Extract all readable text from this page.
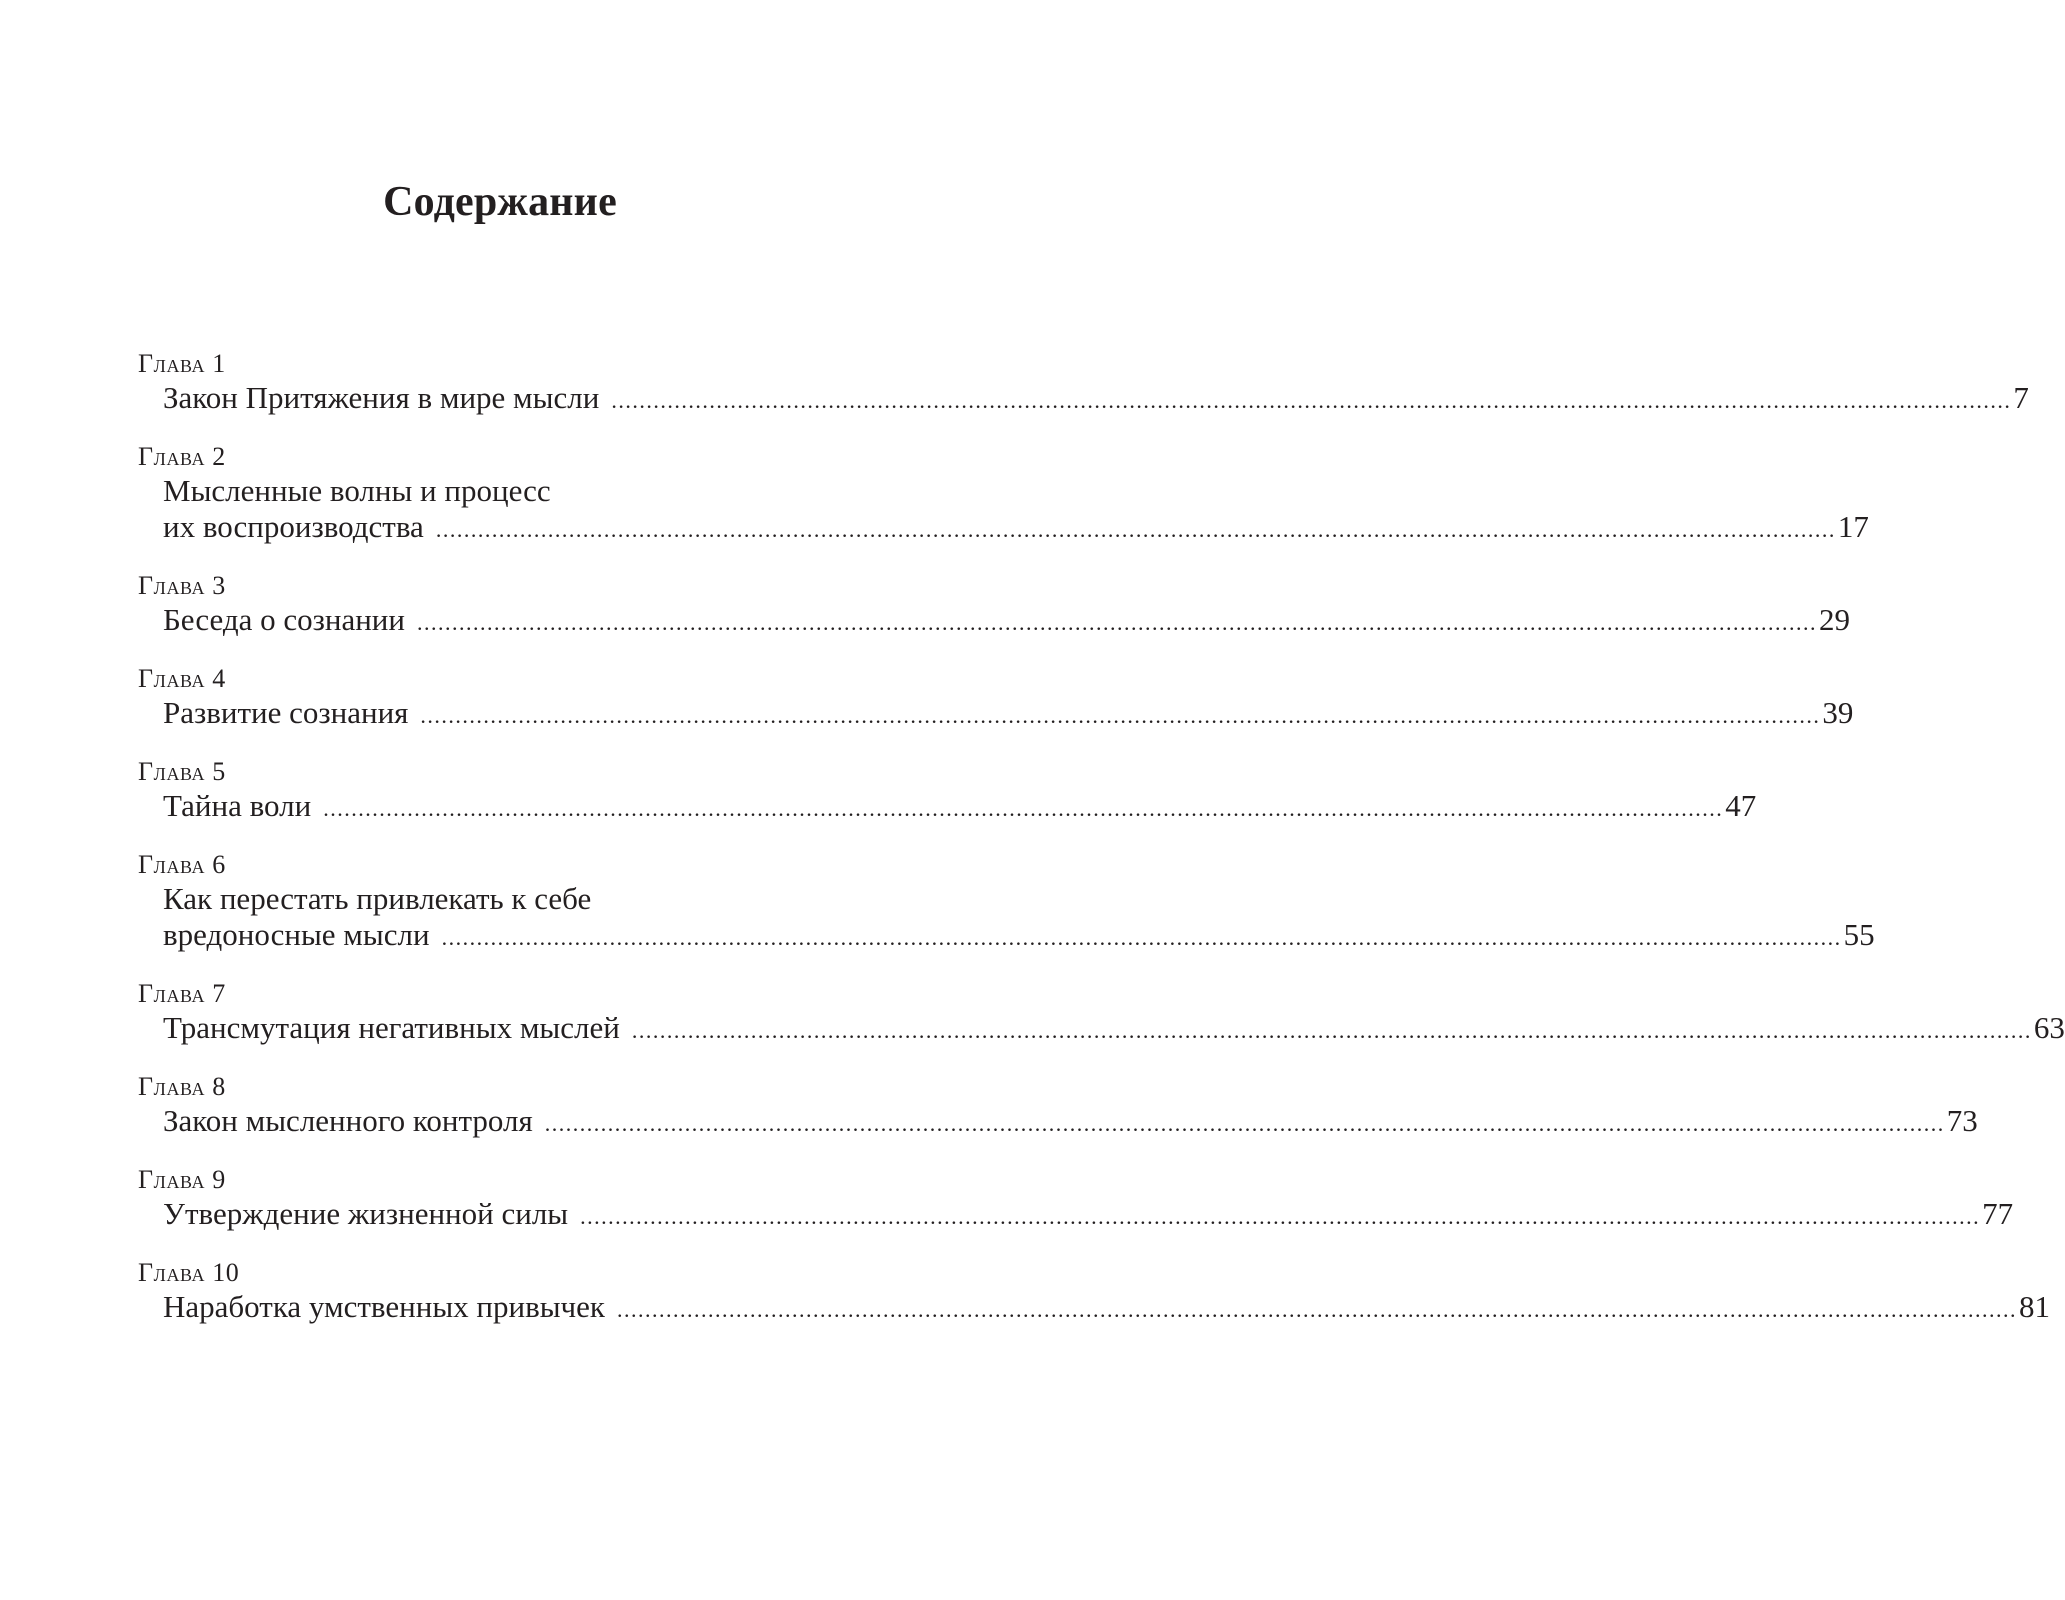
Содержание
Глава 1
Закон Притяжения в мире мысли ........................................................................................................................................................................................................ 7
Глава 2
Мысленные волны и процесс
их воспроизводства ........................................................................................................................................................................................................ 17
Глава 3
Беседа о сознании ........................................................................................................................................................................................................ 29
Глава 4
Развитие сознания ........................................................................................................................................................................................................ 39
Глава 5
Тайна воли ........................................................................................................................................................................................................ 47
Глава 6
Как перестать привлекать к себе
вредоносные мысли ........................................................................................................................................................................................................ 55
Глава 7
Трансмутация негативных мыслей ........................................................................................................................................................................................................ 63
Глава 8
Закон мысленного контроля ........................................................................................................................................................................................................ 73
Глава 9
Утверждение жизненной силы ........................................................................................................................................................................................................ 77
Глава 10
Наработка умственных привычек ........................................................................................................................................................................................................ 81
